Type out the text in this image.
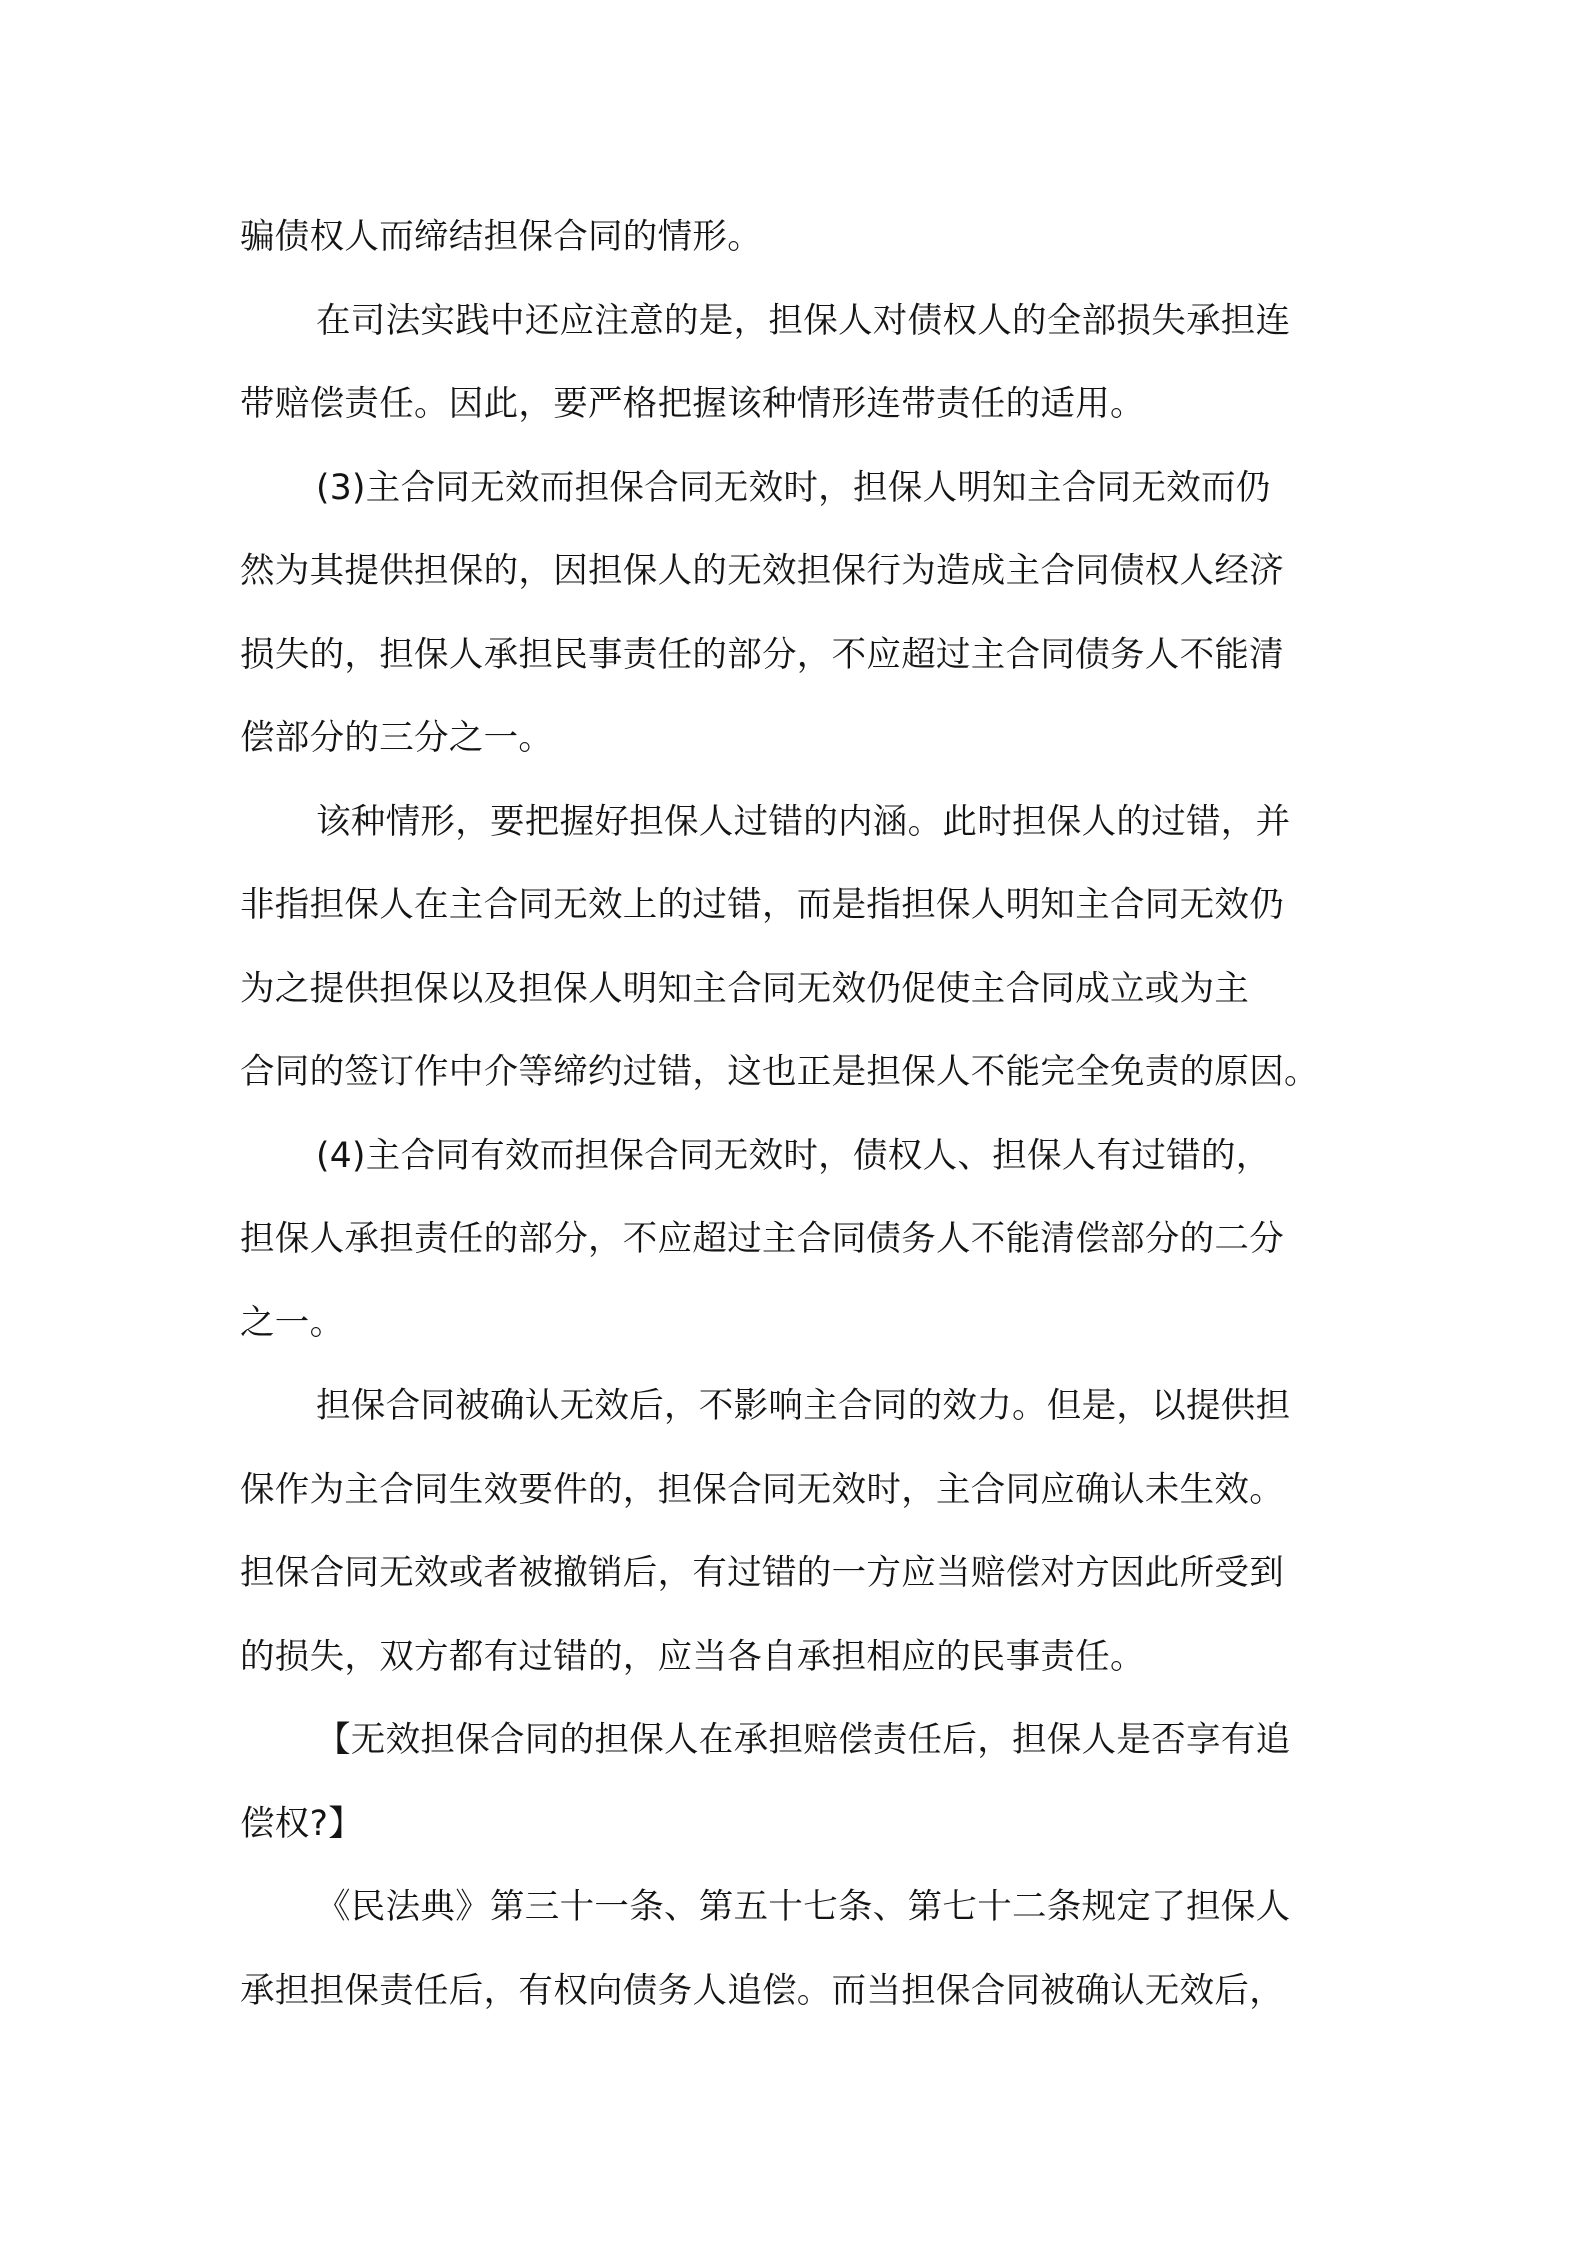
骗债权人而缔结担保合同的情形。
在司法实践中还应注意的是，担保人对债权人的全部损失承担连
带赔偿责任。因此，要严格把握该种情形连带责任的适用。
(3)主合同无效而担保合同无效时，担保人明知主合同无效而仍
然为其提供担保的，因担保人的无效担保行为造成主合同债权人经济
损失的，担保人承担民事责任的部分，不应超过主合同债务人不能清
偿部分的三分之一。
该种情形，要把握好担保人过错的内涵。此时担保人的过错，并
非指担保人在主合同无效上的过错，而是指担保人明知主合同无效仍
为之提供担保以及担保人明知主合同无效仍促使主合同成立或为主
合同的签订作中介等缔约过错，这也正是担保人不能完全免责的原因。
(4)主合同有效而担保合同无效时，债权人、担保人有过错的，
担保人承担责任的部分，不应超过主合同债务人不能清偿部分的二分
之一。
担保合同被确认无效后，不影响主合同的效力。但是，以提供担
保作为主合同生效要件的，担保合同无效时，主合同应确认未生效。
担保合同无效或者被撤销后，有过错的一方应当赔偿对方因此所受到
的损失，双方都有过错的，应当各自承担相应的民事责任。
【无效担保合同的担保人在承担赔偿责任后，担保人是否享有追
偿权?】
《民法典》第三十一条、第五十七条、第七十二条规定了担保人
承担担保责任后，有权向债务人追偿。而当担保合同被确认无效后，
